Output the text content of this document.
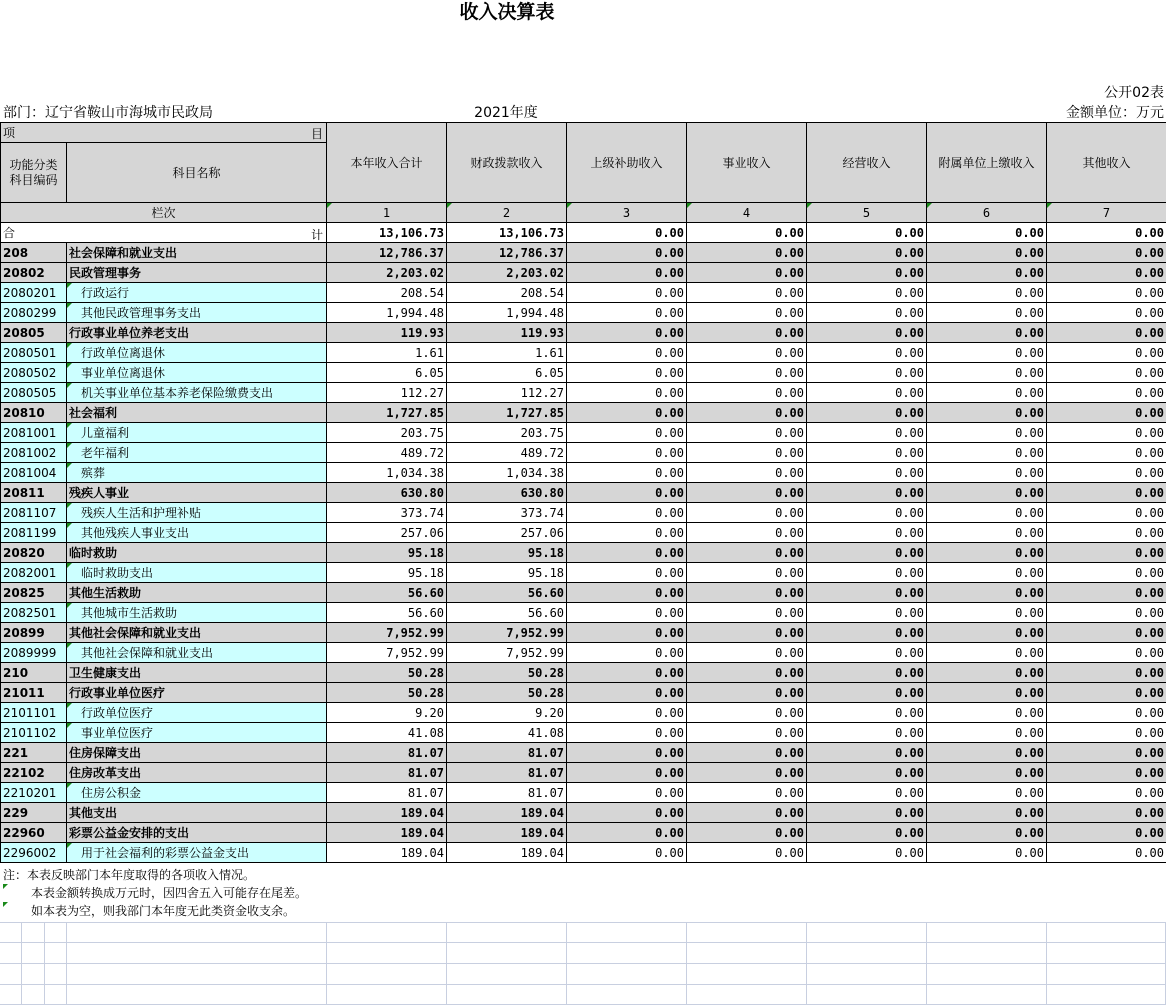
收入决算表
公开02表
部门：辽宁省鞍山市海城市民政局	2021年度	金额单位：万元
项 目		本年收入合计	财政拨款收入	上级补助收入	事业收入	经营收入	附属单位上缴收入	其他收入
功能分类
科目编码	科目名称							

栏次		1	2	3	4	5	6	7
合 计		13,106.73	13,106.73	0.00	0.00	0.00	0.00	0.00
208	社会保障和就业支出	12,786.37	12,786.37	0.00	0.00	0.00	0.00	0.00
20802	民政管理事务	2,203.02	2,203.02	0.00	0.00	0.00	0.00	0.00
2080201	行政运行	208.54	208.54	0.00	0.00	0.00	0.00	0.00
2080299	其他民政管理事务支出	1,994.48	1,994.48	0.00	0.00	0.00	0.00	0.00
20805	行政事业单位养老支出	119.93	119.93	0.00	0.00	0.00	0.00	0.00
2080501	行政单位离退休	1.61	1.61	0.00	0.00	0.00	0.00	0.00
2080502	事业单位离退休	6.05	6.05	0.00	0.00	0.00	0.00	0.00
2080505	机关事业单位基本养老保险缴费支出	112.27	112.27	0.00	0.00	0.00	0.00	0.00
20810	社会福利	1,727.85	1,727.85	0.00	0.00	0.00	0.00	0.00
2081001	儿童福利	203.75	203.75	0.00	0.00	0.00	0.00	0.00
2081002	老年福利	489.72	489.72	0.00	0.00	0.00	0.00	0.00
2081004	殡葬	1,034.38	1,034.38	0.00	0.00	0.00	0.00	0.00
20811	残疾人事业	630.80	630.80	0.00	0.00	0.00	0.00	0.00
2081107	残疾人生活和护理补贴	373.74	373.74	0.00	0.00	0.00	0.00	0.00
2081199	其他残疾人事业支出	257.06	257.06	0.00	0.00	0.00	0.00	0.00
20820	临时救助	95.18	95.18	0.00	0.00	0.00	0.00	0.00
2082001	临时救助支出	95.18	95.18	0.00	0.00	0.00	0.00	0.00
20825	其他生活救助	56.60	56.60	0.00	0.00	0.00	0.00	0.00
2082501	其他城市生活救助	56.60	56.60	0.00	0.00	0.00	0.00	0.00
20899	其他社会保障和就业支出	7,952.99	7,952.99	0.00	0.00	0.00	0.00	0.00
2089999	其他社会保障和就业支出	7,952.99	7,952.99	0.00	0.00	0.00	0.00	0.00
210	卫生健康支出	50.28	50.28	0.00	0.00	0.00	0.00	0.00
21011	行政事业单位医疗	50.28	50.28	0.00	0.00	0.00	0.00	0.00
2101101	行政单位医疗	9.20	9.20	0.00	0.00	0.00	0.00	0.00
2101102	事业单位医疗	41.08	41.08	0.00	0.00	0.00	0.00	0.00
221	住房保障支出	81.07	81.07	0.00	0.00	0.00	0.00	0.00
22102	住房改革支出	81.07	81.07	0.00	0.00	0.00	0.00	0.00
2210201	住房公积金	81.07	81.07	0.00	0.00	0.00	0.00	0.00
229	其他支出	189.04	189.04	0.00	0.00	0.00	0.00	0.00
22960	彩票公益金安排的支出	189.04	189.04	0.00	0.00	0.00	0.00	0.00
2296002	用于社会福利的彩票公益金支出	189.04	189.04	0.00	0.00	0.00	0.00	0.00
注：本表反映部门本年度取得的各项收入情况。
本表金额转换成万元时，因四舍五入可能存在尾差。
如本表为空，则我部门本年度无此类资金收支余。
